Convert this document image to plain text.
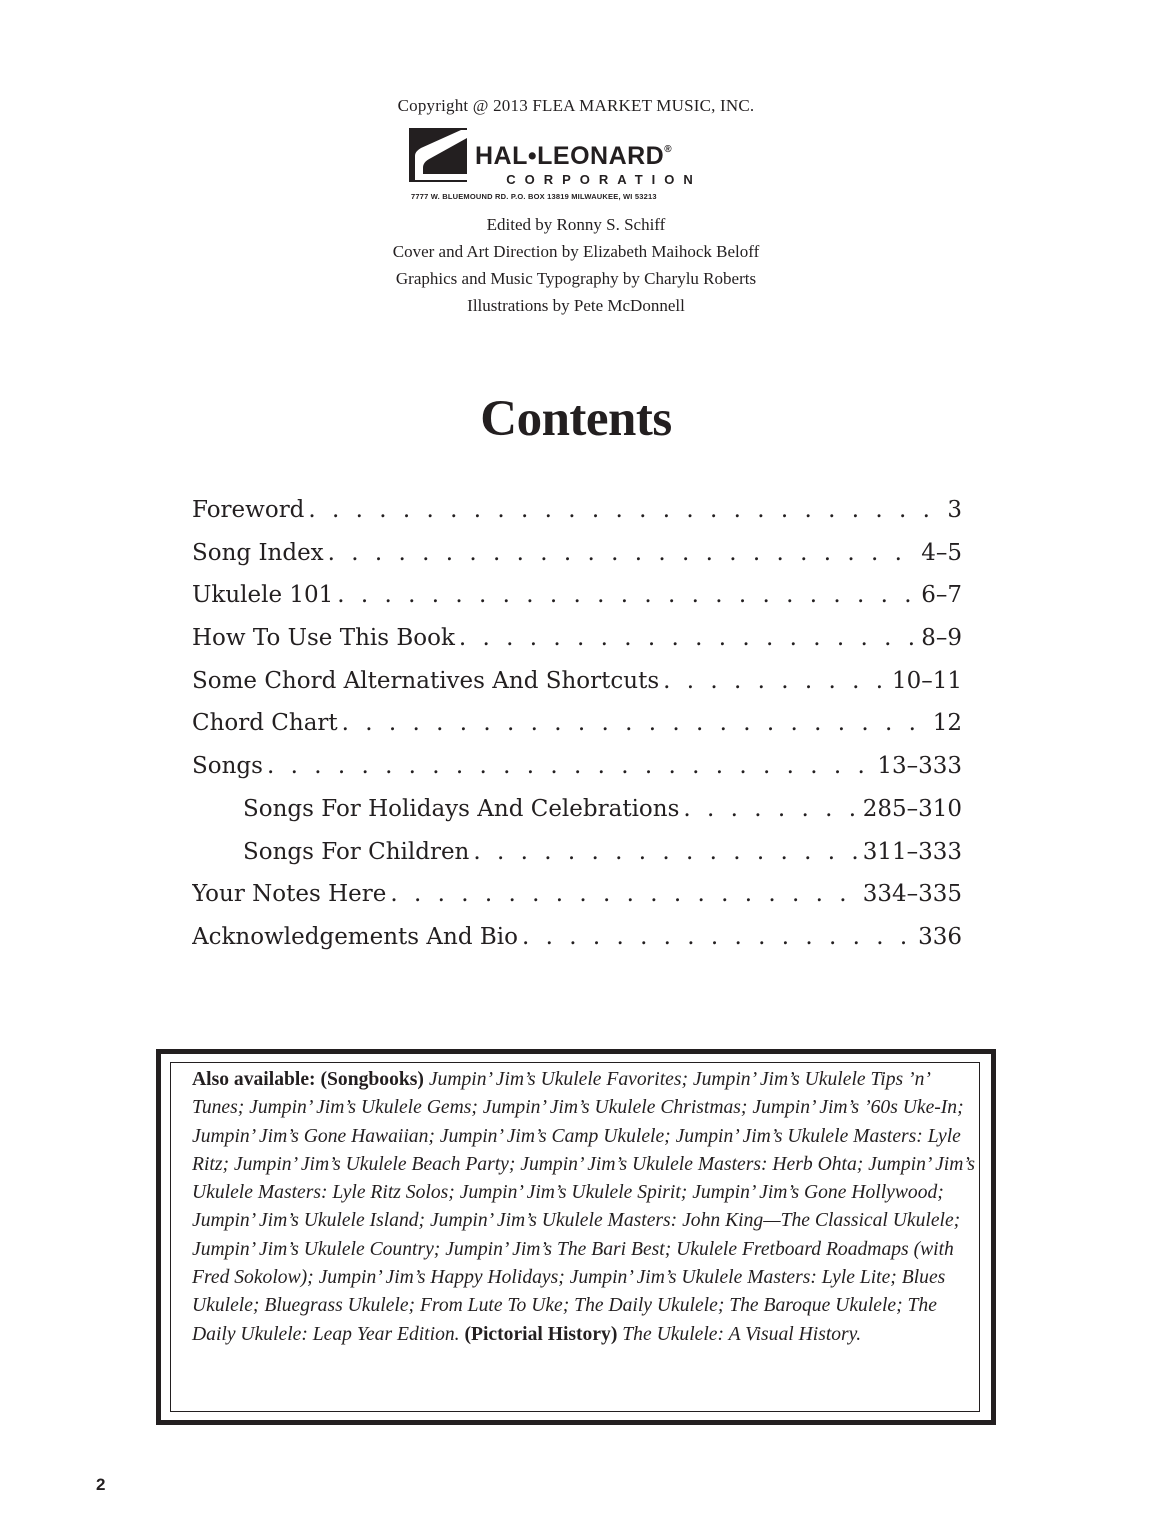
Copyright @ 2013 FLEA MARKET MUSIC, INC.
HAL•LEONARD®
CORPORATION
7777 W. BLUEMOUND RD. P.O. BOX 13819 MILWAUKEE, WI 53213
Edited by Ronny S. Schiff
Cover and Art Direction by Elizabeth Maihock Beloff
Graphics and Music Typography by Charylu Roberts
Illustrations by Pete McDonnell
Contents
Foreword . . .	3
Song Index . . .	4–5
Ukulele 101 . . .	6–7
How To Use This Book . . .	8–9
Some Chord Alternatives And Shortcuts . . .	10–11
Chord Chart . . .	12
Songs . . .	13–333
Songs For Holidays And Celebrations . . .	285–310
Songs For Children . . .	311–333
Your Notes Here . . .	334–335
Acknowledgements And Bio . . .	336

Also available: (Songbooks) Jumpin’ Jim’s Ukulele Favorites; Jumpin’ Jim’s Ukulele Tips ’n’ Tunes; Jumpin’ Jim’s Ukulele Gems; Jumpin’ Jim’s Ukulele Christmas; Jumpin’ Jim’s ’60s Uke-In; Jumpin’ Jim’s Gone Hawaiian; Jumpin’ Jim’s Camp Ukulele; Jumpin’ Jim’s Ukulele Masters: Lyle Ritz; Jumpin’ Jim’s Ukulele Beach Party; Jumpin’ Jim’s Ukulele Masters: Herb Ohta; Jumpin’ Jim’s Ukulele Masters: Lyle Ritz Solos; Jumpin’ Jim’s Ukulele Spirit; Jumpin’ Jim’s Gone Hollywood; Jumpin’ Jim’s Ukulele Island; Jumpin’ Jim’s Ukulele Masters: John King—The Classical Ukulele; Jumpin’ Jim’s Ukulele Country; Jumpin’ Jim’s The Bari Best; Ukulele Fretboard Roadmaps (with Fred Sokolow); Jumpin’ Jim’s Happy Holidays; Jumpin’ Jim’s Ukulele Masters: Lyle Lite; Blues Ukulele; Bluegrass Ukulele; From Lute To Uke; The Daily Ukulele; The Baroque Ukulele; The Daily Ukulele: Leap Year Edition. (Pictorial History) The Ukulele: A Visual History.

2
